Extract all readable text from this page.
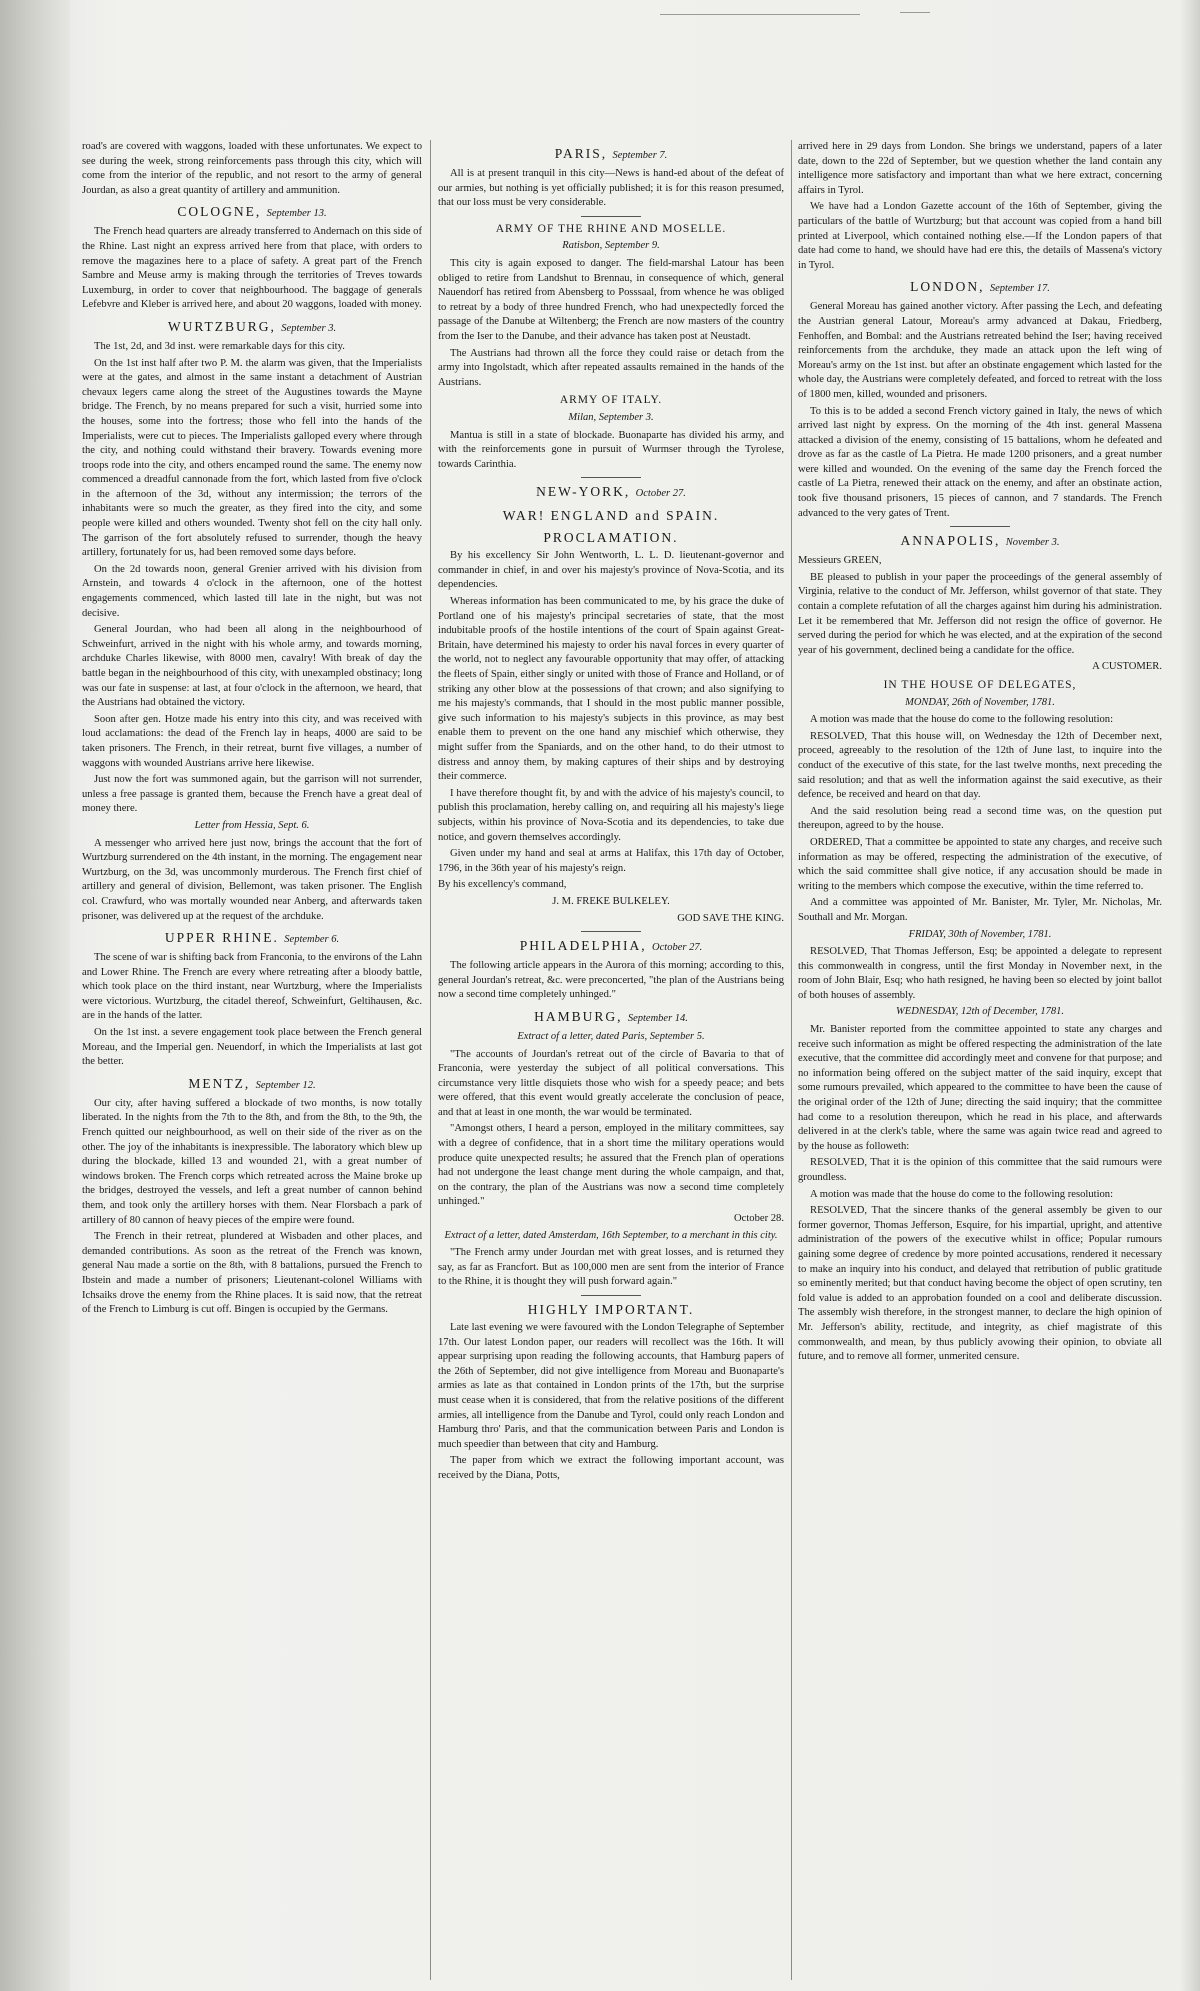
road's are covered with waggons, loaded with these unfortunates. We expect to see during the week, strong reinforcements pass through this city, which will come from the interior of the republic, and not resort to the army of general Jourdan, as also a great quantity of artillery and ammunition.

COLOGNE, September 13.

The French head quarters are already transferred to Andernach on this side of the Rhine. Last night an express arrived here from that place, with orders to remove the magazines here to a place of safety. A great part of the French Sambre and Meuse army is making through the territories of Treves towards Luxemburg, in order to cover that neighbourhood. The baggage of generals Lefebvre and Kleber is arrived here, and about 20 waggons, loaded with money.

WURTZBURG, September 3.

The 1st, 2d, and 3d inst. were remarkable days for this city.

On the 1st inst half after two P. M. the alarm was given, that the Imperialists were at the gates, and almost in the same instant a detachment of Austrian chevaux legers came along the street of the Augustines towards the Mayne bridge. The French, by no means prepared for such a visit, hurried some into the houses, some into the fortress; those who fell into the hands of the Imperialists, were cut to pieces. The Imperialists galloped every where through the city, and nothing could withstand their bravery. Towards evening more troops rode into the city, and others encamped round the same. The enemy now commenced a dreadful cannonade from the fort, which lasted from five o'clock in the afternoon of the 3d, without any intermission; the terrors of the inhabitants were so much the greater, as they fired into the city, and some people were killed and others wounded. Twenty shot fell on the city hall only. The garrison of the fort absolutely refused to surrender, though the heavy artillery, fortunately for us, had been removed some days before.

On the 2d towards noon, general Grenier arrived with his division from Arnstein, and towards 4 o'clock in the afternoon, one of the hottest engagements commenced, which lasted till late in the night, but was not decisive.

General Jourdan, who had been all along in the neighbourhood of Schweinfurt, arrived in the night with his whole army, and towards morning, archduke Charles likewise, with 8000 men, cavalry! With break of day the battle began in the neighbourhood of this city, with unexampled obstinacy; long was our fate in suspense: at last, at four o'clock in the afternoon, we heard, that the Austrians had obtained the victory.

Soon after gen. Hotze made his entry into this city, and was received with loud acclamations: the dead of the French lay in heaps, 4000 are said to be taken prisoners. The French, in their retreat, burnt five villages, a number of waggons with wounded Austrians arrive here likewise.

Just now the fort was summoned again, but the garrison will not surrender, unless a free passage is granted them, because the French have a great deal of money there.

Letter from Hessia, Sept. 6.

A messenger who arrived here just now, brings the account that the fort of Wurtzburg surrendered on the 4th instant, in the morning. The engagement near Wurtzburg, on the 3d, was uncommonly murderous. The French first chief of artillery and general of division, Bellemont, was taken prisoner. The English col. Crawfurd, who was mortally wounded near Anberg, and afterwards taken prisoner, was delivered up at the request of the archduke.

UPPER RHINE. September 6.

The scene of war is shifting back from Franconia, to the environs of the Lahn and Lower Rhine. The French are every where retreating after a bloody battle, which took place on the third instant, near Wurtzburg, where the Imperialists were victorious. Wurtzburg, the citadel thereof, Schweinfurt, Geltihausen, &c. are in the hands of the latter.

On the 1st inst. a severe engagement took place between the French general Moreau, and the Imperial gen. Neuendorf, in which the Imperialists at last got the better.

MENTZ, September 12.

Our city, after having suffered a blockade of two months, is now totally liberated. In the nights from the 7th to the 8th, and from the 8th, to the 9th, the French quitted our neighbourhood, as well on their side of the river as on the other. The joy of the inhabitants is inexpressible. The laboratory which blew up during the blockade, killed 13 and wounded 21, with a great number of windows broken. The French corps which retreated across the Maine broke up the bridges, destroyed the vessels, and left a great number of cannon behind them, and took only the artillery horses with them. Near Florsbach a park of artillery of 80 cannon of heavy pieces of the empire were found.

The French in their retreat, plundered at Wisbaden and other places, and demanded contributions. As soon as the retreat of the French was known, general Nau made a sortie on the 8th, with 8 battalions, pursued the French to Ibstein and made a number of prisoners; Lieutenant-colonel Williams with Ichsaiks drove the enemy from the Rhine places. It is said now, that the retreat of the French to Limburg is cut off. Bingen is occupied by the Germans.

PARIS, September 7.

All is at present tranquil in this city—News is hand-ed about of the defeat of our armies, but nothing is yet officially published; it is for this reason presumed, that our loss must be very considerable.

ARMY OF THE RHINE AND MOSELLE.
Ratisbon, September 9.

This city is again exposed to danger. The field-marshal Latour has been obliged to retire from Landshut to Brennau, in consequence of which, general Nauendorf has retired from Abensberg to Posssaal, from whence he was obliged to retreat by a body of three hundred French, who had unexpectedly forced the passage of the Danube at Wiltenberg; the French are now masters of the country from the Iser to the Danube, and their advance has taken post at Neustadt.

The Austrians had thrown all the force they could raise or detach from the army into Ingolstadt, which after repeated assaults remained in the hands of the Austrians.

ARMY OF ITALY.
Milan, September 3.

Mantua is still in a state of blockade. Buonaparte has divided his army, and with the reinforcements gone in pursuit of Wurmser through the Tyrolese, towards Carinthia.

NEW-YORK, October 27.
WAR! ENGLAND and SPAIN.
PROCLAMATION.

By his excellency Sir John Wentworth, L. L. D. lieutenant-governor and commander in chief, in and over his majesty's province of Nova-Scotia, and its dependencies.

Whereas information has been communicated to me, by his grace the duke of Portland one of his majesty's principal secretaries of state, that the most indubitable proofs of the hostile intentions of the court of Spain against Great-Britain, have determined his majesty to order his naval forces in every quarter of the world, not to neglect any favourable opportunity that may offer, of attacking the fleets of Spain, either singly or united with those of France and Holland, or of striking any other blow at the possessions of that crown; and also signifying to me his majesty's commands, that I should in the most public manner possible, give such information to his majesty's subjects in this province, as may best enable them to prevent on the one hand any mischief which otherwise, they might suffer from the Spaniards, and on the other hand, to do their utmost to distress and annoy them, by making captures of their ships and by destroying their commerce.

I have therefore thought fit, by and with the advice of his majesty's council, to publish this proclamation, hereby calling on, and requiring all his majesty's liege subjects, within his province of Nova-Scotia and its dependencies, to take due notice, and govern themselves accordingly.

Given under my hand and seal at arms at Halifax, this 17th day of October, 1796, in the 36th year of his majesty's reign.

By his excellency's command,

J. M. FREKE BULKELEY.

GOD SAVE THE KING.

PHILADELPHIA, October 27.

The following article appears in the Aurora of this morning; according to this, general Jourdan's retreat, &c. were preconcerted, "the plan of the Austrians being now a second time completely unhinged."

HAMBURG, September 14.
Extract of a letter, dated Paris, September 5.

"The accounts of Jourdan's retreat out of the circle of Bavaria to that of Franconia, were yesterday the subject of all political conversations. This circumstance very little disquiets those who wish for a speedy peace; and bets were offered, that this event would greatly accelerate the conclusion of peace, and that at least in one month, the war would be terminated.

"Amongst others, I heard a person, employed in the military committees, say with a degree of confidence, that in a short time the military operations would produce quite unexpected results; he assured that the French plan of operations had not undergone the least change ment during the whole campaign, and that, on the contrary, the plan of the Austrians was now a second time completely unhinged."

October 28.

Extract of a letter, dated Amsterdam, 16th September, to a merchant in this city.

"The French army under Jourdan met with great losses, and is returned they say, as far as Francfort. But as 100,000 men are sent from the interior of France to the Rhine, it is thought they will push forward again."

HIGHLY IMPORTANT.

Late last evening we were favoured with the London Telegraphe of September 17th. Our latest London paper, our readers will recollect was the 16th. It will appear surprising upon reading the following accounts, that Hamburg papers of the 26th of September, did not give intelligence from Moreau and Buonaparte's armies as late as that contained in London prints of the 17th, but the surprise must cease when it is considered, that from the relative positions of the different armies, all intelligence from the Danube and Tyrol, could only reach London and Hamburg thro' Paris, and that the communication between Paris and London is much speedier than between that city and Hamburg.

The paper from which we extract the following important account, was received by the Diana, Potts,

arrived here in 29 days from London. She brings we understand, papers of a later date, down to the 22d of September, but we question whether the land contain any intelligence more satisfactory and important than what we here extract, concerning affairs in Tyrol.

We have had a London Gazette account of the 16th of September, giving the particulars of the battle of Wurtzburg; but that account was copied from a hand bill printed at Liverpool, which contained nothing else.—If the London papers of that date had come to hand, we should have had ere this, the details of Massena's victory in Tyrol.

LONDON, September 17.

General Moreau has gained another victory. After passing the Lech, and defeating the Austrian general Latour, Moreau's army advanced at Dakau, Friedberg, Fenhoffen, and Bombal: and the Austrians retreated behind the Iser; having received reinforcements from the archduke, they made an attack upon the left wing of Moreau's army on the 1st inst. but after an obstinate engagement which lasted for the whole day, the Austrians were completely defeated, and forced to retreat with the loss of 1800 men, killed, wounded and prisoners.

To this is to be added a second French victory gained in Italy, the news of which arrived last night by express. On the morning of the 4th inst. general Massena attacked a division of the enemy, consisting of 15 battalions, whom he defeated and drove as far as the castle of La Pietra. He made 1200 prisoners, and a great number were killed and wounded. On the evening of the same day the French forced the castle of La Pietra, renewed their attack on the enemy, and after an obstinate action, took five thousand prisoners, 15 pieces of cannon, and 7 standards. The French advanced to the very gates of Trent.

ANNAPOLIS, November 3.

Messieurs GREEN,

BE pleased to publish in your paper the proceedings of the general assembly of Virginia, relative to the conduct of Mr. Jefferson, whilst governor of that state. They contain a complete refutation of all the charges against him during his administration. Let it be remembered that Mr. Jefferson did not resign the office of governor. He served during the period for which he was elected, and at the expiration of the second year of his government, declined being a candidate for the office.

A CUSTOMER.

IN THE HOUSE OF DELEGATES,
MONDAY, 26th of November, 1781.

A motion was made that the house do come to the following resolution:

RESOLVED, That this house will, on Wednesday the 12th of December next, proceed, agreeably to the resolution of the 12th of June last, to inquire into the conduct of the executive of this state, for the last twelve months, next preceding the said resolution; and that as well the information against the said executive, as their defence, be received and heard on that day.

And the said resolution being read a second time was, on the question put thereupon, agreed to by the house.

ORDERED, That a committee be appointed to state any charges, and receive such information as may be offered, respecting the administration of the executive, of which the said committee shall give notice, if any accusation should be made in writing to the members which compose the executive, within the time referred to.

And a committee was appointed of Mr. Banister, Mr. Tyler, Mr. Nicholas, Mr. Southall and Mr. Morgan.

FRIDAY, 30th of November, 1781.

RESOLVED, That Thomas Jefferson, Esq; be appointed a delegate to represent this commonwealth in congress, until the first Monday in November next, in the room of John Blair, Esq; who hath resigned, he having been so elected by joint ballot of both houses of assembly.

WEDNESDAY, 12th of December, 1781.

Mr. Banister reported from the committee appointed to state any charges and receive such information as might be offered respecting the administration of the late executive, that the committee did accordingly meet and convene for that purpose; and no information being offered on the subject matter of the said inquiry, except that some rumours prevailed, which appeared to the committee to have been the cause of the original order of the 12th of June; directing the said inquiry; that the committee had come to a resolution thereupon, which he read in his place, and afterwards delivered in at the clerk's table, where the same was again twice read and agreed to by the house as followeth:

RESOLVED, That it is the opinion of this committee that the said rumours were groundless.

A motion was made that the house do come to the following resolution:

RESOLVED, That the sincere thanks of the general assembly be given to our former governor, Thomas Jefferson, Esquire, for his impartial, upright, and attentive administration of the powers of the executive whilst in office; Popular rumours gaining some degree of credence by more pointed accusations, rendered it necessary to make an inquiry into his conduct, and delayed that retribution of public gratitude so eminently merited; but that conduct having become the object of open scrutiny, ten fold value is added to an approbation founded on a cool and deliberate discussion. The assembly wish therefore, in the strongest manner, to declare the high opinion of Mr. Jefferson's ability, rectitude, and integrity, as chief magistrate of this commonwealth, and mean, by thus publicly avowing their opinion, to obviate all future, and to remove all former, unmerited censure.
